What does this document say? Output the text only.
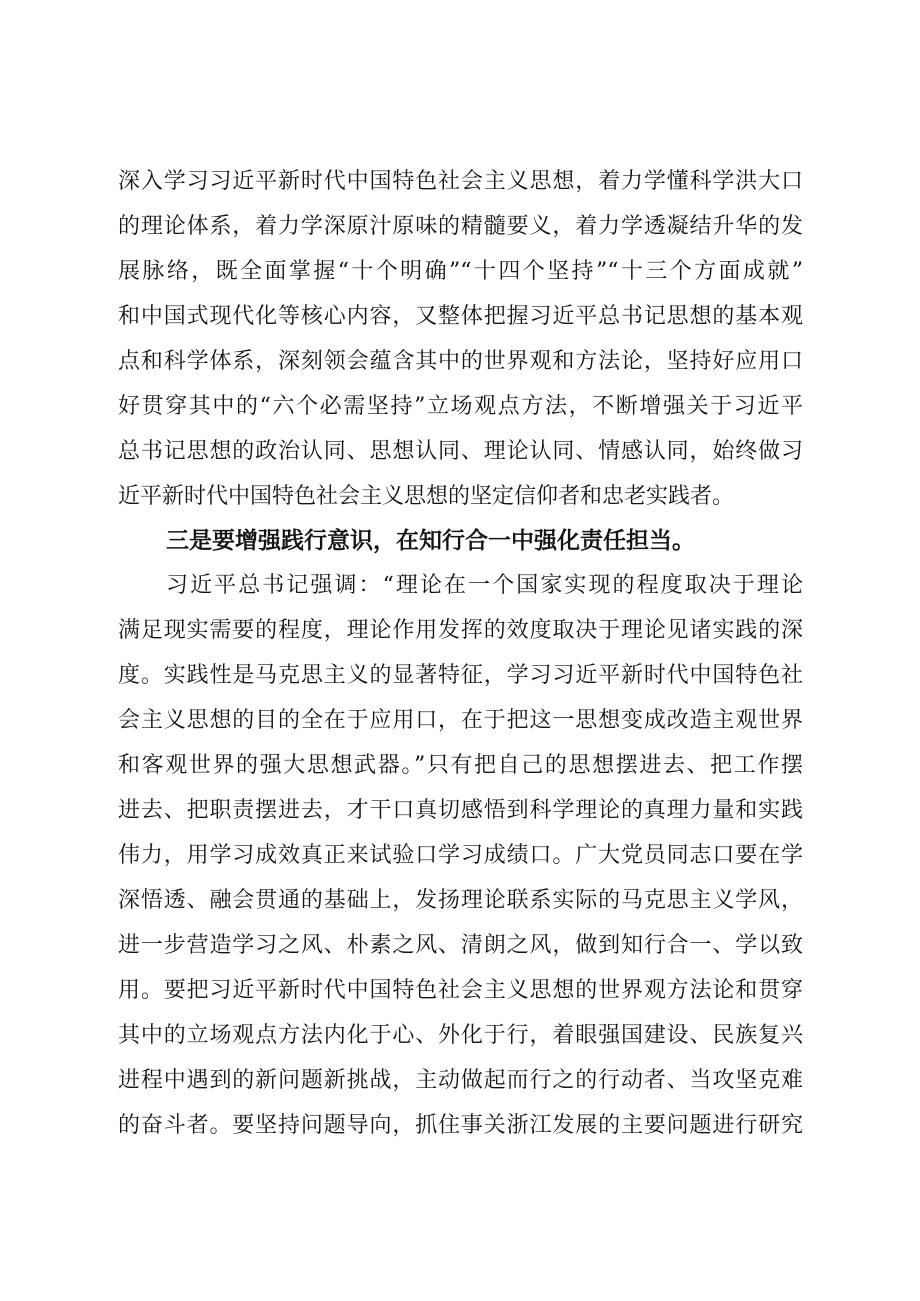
深入学习习近平新时代中国特色社会主义思想，着力学懂科学洪大口
的理论体系，着力学深原汁原味的精髓要义，着力学透凝结升华的发
展脉络，既全面掌握“十个明确”“十四个坚持”“十三个方面成就”
和中国式现代化等核心内容，又整体把握习近平总书记思想的基本观
点和科学体系，深刻领会蕴含其中的世界观和方法论，坚持好应用口
好贯穿其中的“六个必需坚持”立场观点方法，不断增强关于习近平
总书记思想的政治认同、思想认同、理论认同、情感认同，始终做习
近平新时代中国特色社会主义思想的坚定信仰者和忠老实践者。
三是要增强践行意识，在知行合一中强化责任担当。
习近平总书记强调：“理论在一个国家实现的程度取决于理论
满足现实需要的程度，理论作用发挥的效度取决于理论见诸实践的深
度。实践性是马克思主义的显著特征，学习习近平新时代中国特色社
会主义思想的目的全在于应用口，在于把这一思想变成改造主观世界
和客观世界的强大思想武器。”只有把自己的思想摆进去、把工作摆
进去、把职责摆进去，才干口真切感悟到科学理论的真理力量和实践
伟力，用学习成效真正来试验口学习成绩口。广大党员同志口要在学
深悟透、融会贯通的基础上，发扬理论联系实际的马克思主义学风，
进一步营造学习之风、朴素之风、清朗之风，做到知行合一、学以致
用。要把习近平新时代中国特色社会主义思想的世界观方法论和贯穿
其中的立场观点方法内化于心、外化于行，着眼强国建设、民族复兴
进程中遇到的新问题新挑战，主动做起而行之的行动者、当攻坚克难
的奋斗者。要坚持问题导向，抓住事关浙江发展的主要问题进行研究
